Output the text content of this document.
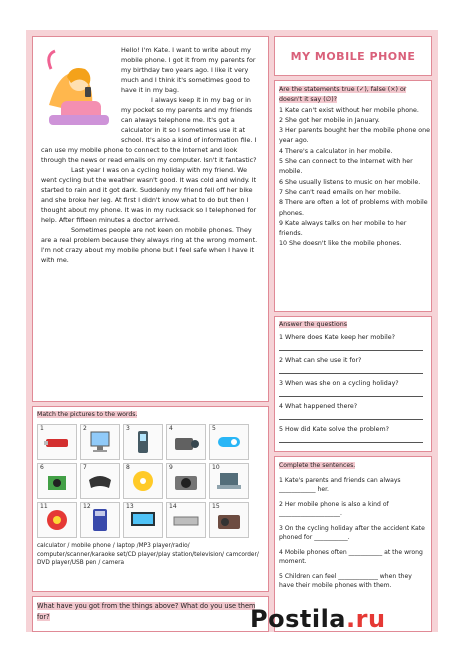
Hello! I'm Kate. I want to write about my mobile phone. I got it from my parents for my birthday two years ago. I like it very much and I think it's sometimes good to have it in my bag.

I always keep it in my bag or in my pocket so my parents and my friends can always telephone me. It's got a calculator in it so I sometimes use it at school. It's also a kind of information file. I can use my mobile phone to connect to the Internet and look through the news or read emails on my computer. Isn't it fantastic?

Last year I was on a cycling holiday with my friend. We went cycling but the weather wasn't good. It was cold and windy. It started to rain and it got dark. Suddenly my friend fell off her bike and she broke her leg. At first I didn't know what to do but then I thought about my phone. It was in my rucksack so I telephoned for help. After fifteen minutes a doctor arrived.

Sometimes people are not keen on mobile phones. They are a real problem because they always ring at the wrong moment. I'm not crazy about my mobile phone but I feel safe when I have it with me.

MY MOBILE PHONE
Are the statements true (✓), false (×) or doesn't it say (∅)?
1 Kate can't exist without her mobile phone.
2 She got her mobile in January.
3 Her parents bought her the mobile phone one year ago.
4 There's a calculator in her mobile.
5 She can connect to the Internet with her mobile.
6 She usually listens to music on her mobile.
7 She can't read emails on her mobile.
8 There are often a lot of problems with mobile phones.
9 Kate always talks on her mobile to her friends.
10 She doesn't like the mobile phones.
Answer the questions
1 Where does Kate keep her mobile?
2 What can she use it for?
3 When was she on a cycling holiday?
4 What happened there?
5 How did Kate solve the problem?
Match the pictures to the words.
1	2	3	4	5
6	7	8	9	10
11	12	13	14	15
calculator / mobile phone / laptop /MP3 player/radio/ computer/scanner/karaoke set/CD player/play station/television/ camcorder/ DVD player/USB pen / camera
What have you got from the things above? What do you use them for?
Complete the sentences.
1 Kate's parents and friends can always ____________ her.
2 Her mobile phone is also a kind of ____________________.
3 On the cycling holiday after the accident Kate phoned for ___________.
4 Mobile phones often ___________ at the wrong moment.
5 Children can feel _____________ when they have their mobile phones with them.
Postila.ru
